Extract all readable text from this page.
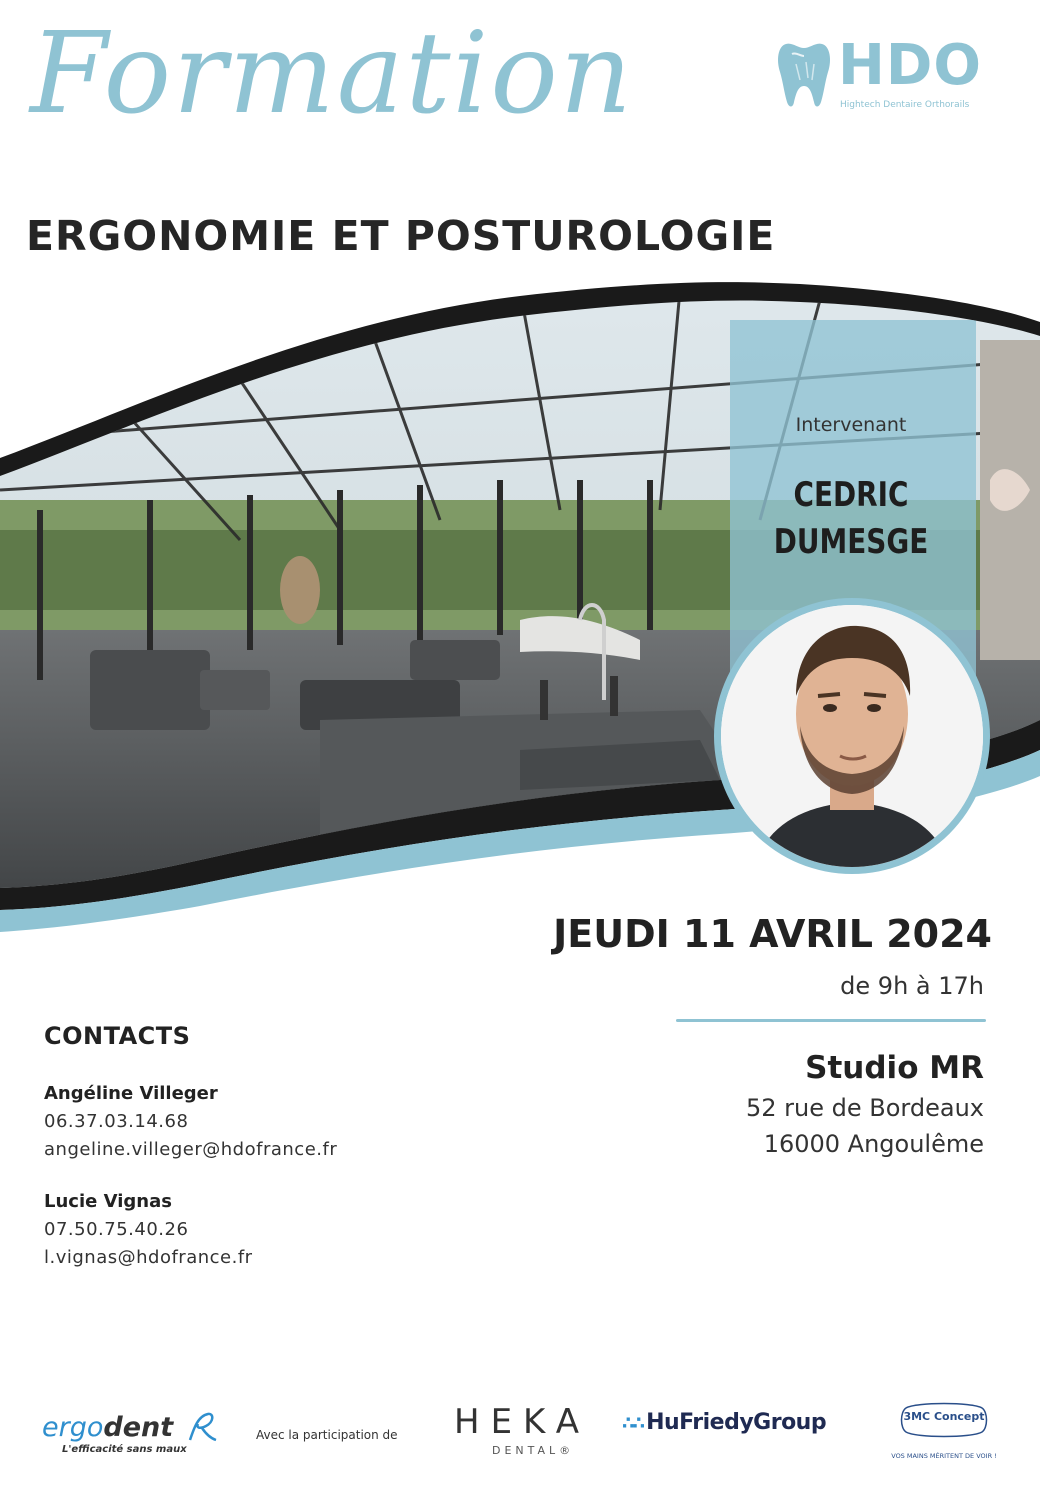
Formation
ERGONOMIE ET POSTUROLOGIE
HDO
Hightech Dentaire Orthorails
Intervenant
CEDRIC
DUMESGE
JEUDI 11 AVRIL 2024
de 9h à 17h
Studio MR
52 rue de Bordeaux
16000 Angoulême
CONTACTS
Angéline Villeger
06.37.03.14.68
angeline.villeger@hdofrance.fr
Lucie Vignas
07.50.75.40.26
l.vignas@hdofrance.fr
ergodent
L'efficacité sans maux
Avec la participation de HEKA
DENTAL®
∴∴ HuFriedyGroup	3MC Concept
VOS MAINS MÉRITENT DE VOIR !
